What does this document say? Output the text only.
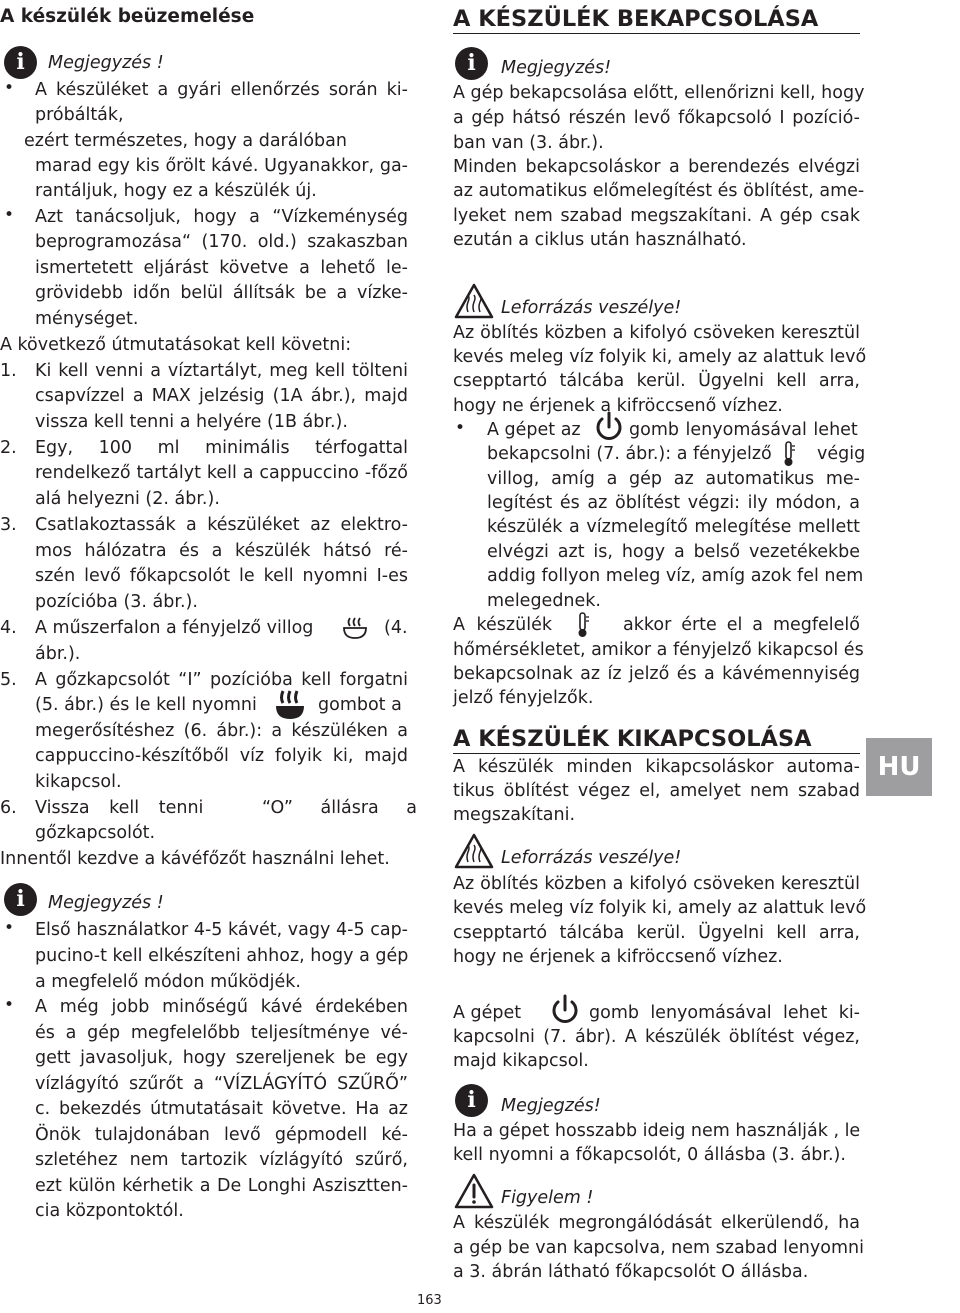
A készülék beüzemelése
i	Megjegyzés !
•	A készüléket a gyári ellenőrzés során ki-
próbálták,
ezért természetes, hogy a darálóban
marad egy kis őrölt kávé. Ugyanakkor, ga-
rantáljuk, hogy ez a készülék új.
•	Azt tanácsoljuk, hogy a “Vízkeménység
beprogramozása“ (170. old.) szakaszban
ismertetett eljárást követve a lehető le-
grövidebb időn belül állítsák be a vízke-
ménységet.
A következő útmutatásokat kell követni:
1.	Ki kell venni a víztartályt, meg kell tölteni
csapvízzel a MAX jelzésig (1A ábr.), majd
vissza kell tenni a helyére (1B ábr.).
2.	Egy, 100 ml minimális térfogattal
rendelkező tartályt kell a cappuccino -főző
alá helyezni (2. ábr.).
3.	Csatlakoztassák a készüléket az elektro-
mos hálózatra és a készülék hátsó ré-
szén levő főkapcsolót le kell nyomni I-es
pozícióba (3. ábr.).
4.	A műszerfalon a fényjelző villog	(4.
ábr.).
5.	A gőzkapcsolót “I” pozícióba kell forgatni
(5. ábr.) és le kell nyomni	gombot a
megerősítéshez (6. ábr.): a készüléken a
cappuccino-készítőből víz folyik ki, majd
kikapcsol.
6.	Vissza kell tenni	“O” állásra a
gőzkapcsolót.
Innentől kezdve a kávéfőzőt használni lehet.
i	Megjegyzés !
•	Első használatkor 4-5 kávét, vagy 4-5 cap-
pucino-t kell elkészíteni ahhoz, hogy a gép
a megfelelő módon működjék.
•	A még jobb minőségű kávé érdekében
és a gép megfelelőbb teljesítménye vé-
gett javasoljuk, hogy szereljenek be egy
vízlágyító szűrőt a “VÍZLÁGYÍTÓ SZŰRŐ”
c. bekezdés útmutatásait követve. Ha az
Önök tulajdonában levő gépmodell ké-
szletéhez nem tartozik vízlágyító szűrő,
ezt külön kérhetik a De Longhi Aszisztten-
cia központoktól.
A KÉSZÜLÉK BEKAPCSOLÁSA
i	Megjegyzés!
A gép bekapcsolása előtt, ellenőrizni kell, hogy
a gép hátsó részén levő főkapcsoló I pozíció-
ban van (3. ábr.).
Minden bekapcsoláskor a berendezés elvégzi
az automatikus előmelegítést és öblítést, ame-
lyeket nem szabad megszakítani. A gép csak
ezután a ciklus után használható.
Leforrázás veszélye!
Az öblítés közben a kifolyó csöveken keresztül
kevés meleg víz folyik ki, amely az alattuk levő
csepptartó tálcába kerül. Ügyelni kell arra,
hogy ne érjenek a kifröccsenő vízhez.
• A gépet az	gomb lenyomásával lehet
bekapcsolni (7. ábr.): a fényjelző	végig
villog, amíg a gép az automatikus me-
legítést és az öblítést végzi: ily módon, a
készülék a vízmelegítő melegítése mellett
elvégzi azt is, hogy a belső vezetékekbe
addig follyon meleg víz, amíg azok fel nem
melegednek.
A készülék	akkor érte el a megfelelő
hőmérsékletet, amikor a fényjelző kikapcsol és
bekapcsolnak az íz jelző és a kávémennyiség
jelző fényjelzők.
A KÉSZÜLÉK KIKAPCSOLÁSA
A készülék minden kikapcsoláskor automa-
tikus öblítést végez el, amelyet nem szabad
megszakítani.
Leforrázás veszélye!
Az öblítés közben a kifolyó csöveken keresztül
kevés meleg víz folyik ki, amely az alattuk levő
csepptartó tálcába kerül. Ügyelni kell arra,
hogy ne érjenek a kifröccsenő vízhez.
A gépet	gomb lenyomásával lehet ki-
kapcsolni (7. ábr). A készülék öblítést végez,
majd kikapcsol.
i	Megjegzés!
Ha a gépet hosszabb ideig nem használják , le
kell nyomni a főkapcsolót, 0 állásba (3. ábr.).
Figyelem !
A készülék megrongálódását elkerülendő, ha
a gép be van kapcsolva, nem szabad lenyomni
a 3. ábrán látható főkapcsolót O állásba.
HU
163
